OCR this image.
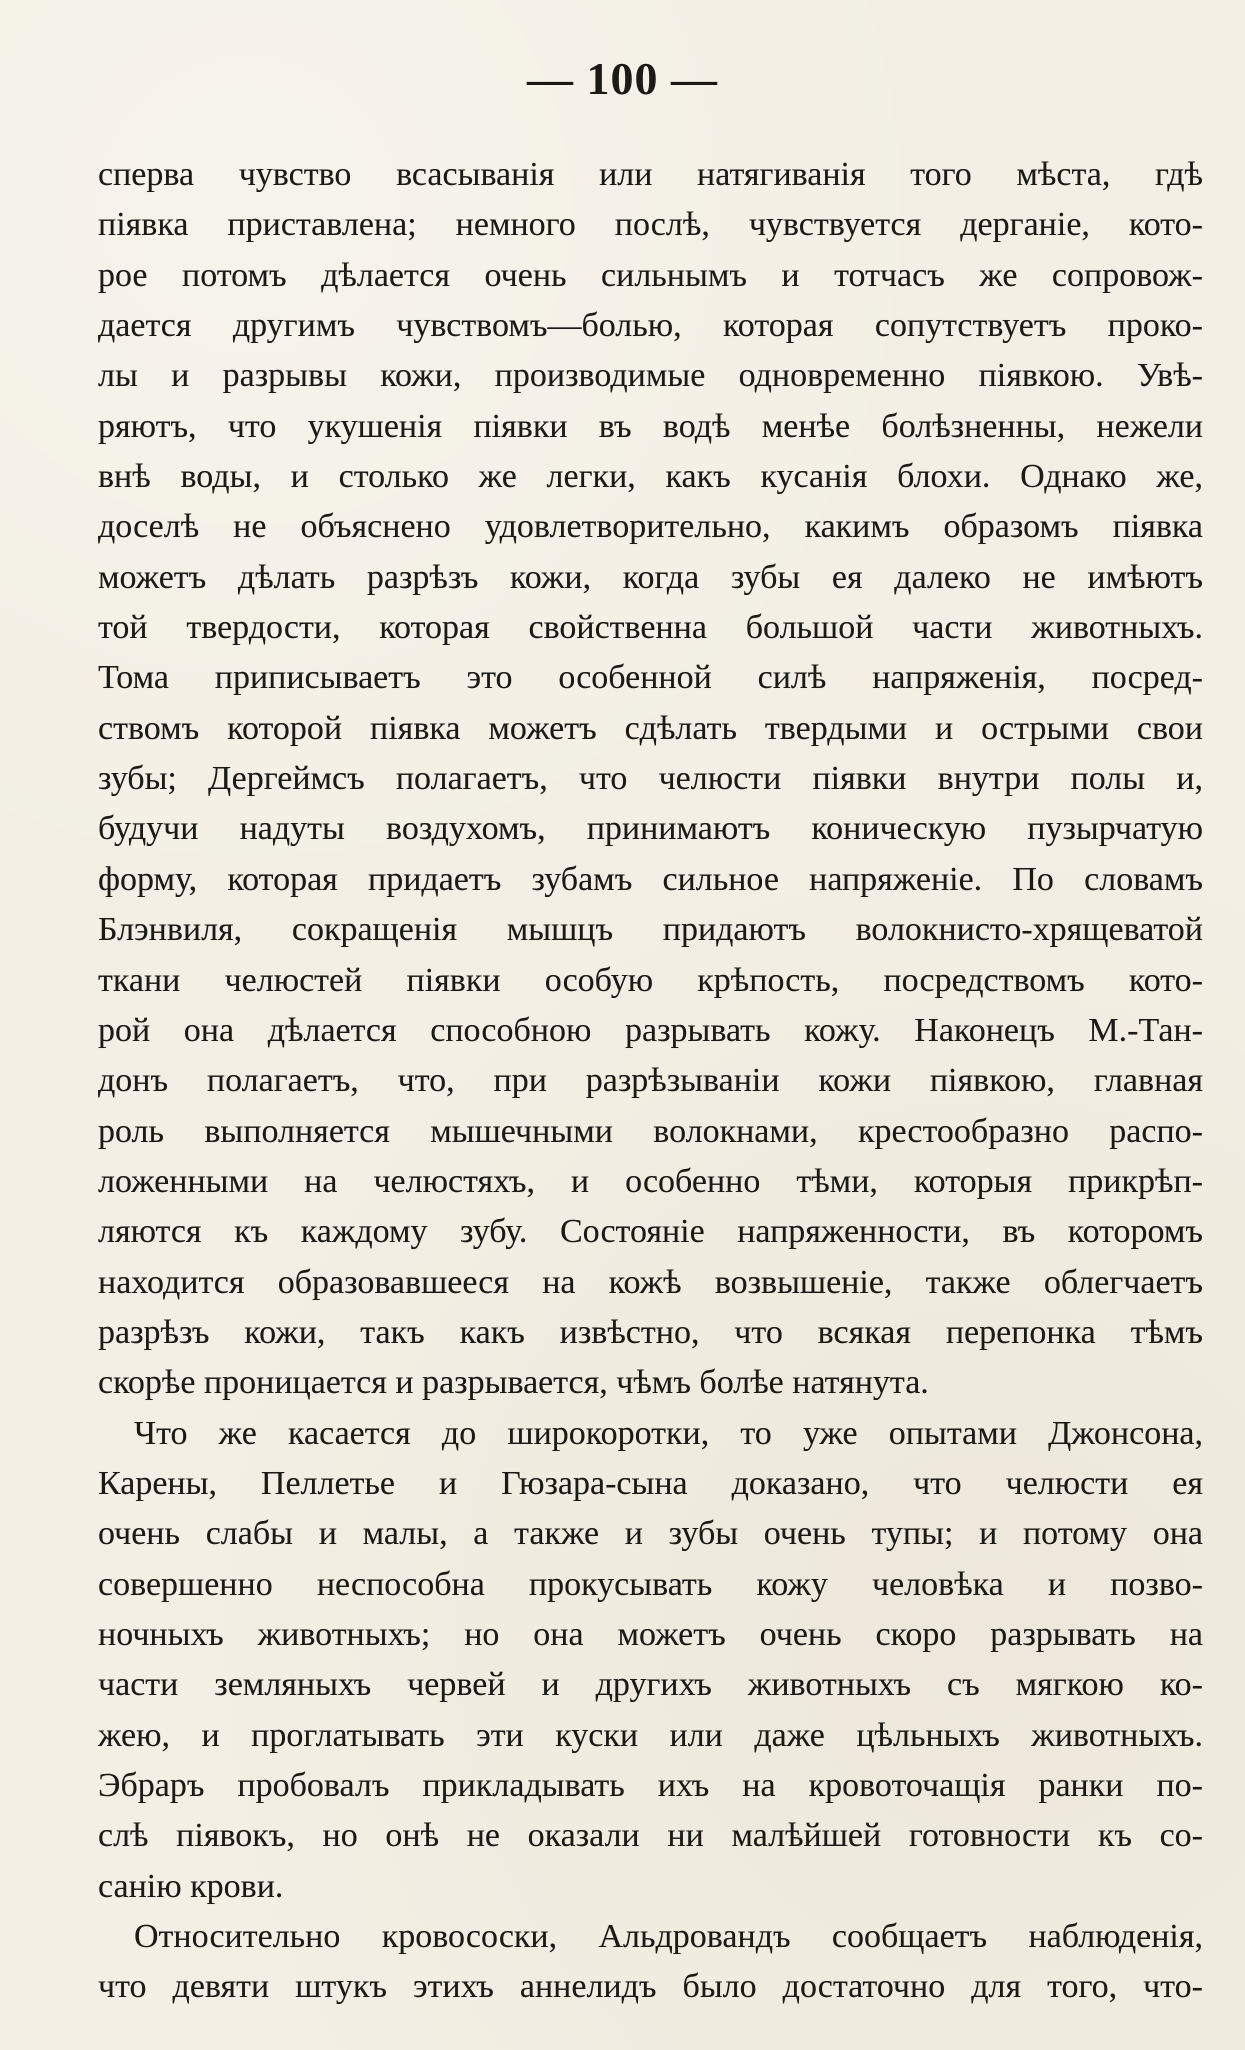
— 100 —
сперва чувство всасыванія или натягиванія того мѣста, гдѣ
піявка приставлена; немного послѣ, чувствуется дерганіе, кото-
рое потомъ дѣлается очень сильнымъ и тотчасъ же сопровож-
дается другимъ чувствомъ—болью, которая сопутствуетъ проко-
лы и разрывы кожи, производимые одновременно піявкою. Увѣ-
ряютъ, что укушенія піявки въ водѣ менѣе болѣзненны, нежели
внѣ воды, и столько же легки, какъ кусанія блохи. Однако же,
доселѣ не объяснено удовлетворительно, какимъ образомъ піявка
можетъ дѣлать разрѣзъ кожи, когда зубы ея далеко не имѣютъ
той твердости, которая свойственна большой части животныхъ.
Тома приписываетъ это особенной силѣ напряженія, посред-
ствомъ которой піявка можетъ сдѣлать твердыми и острыми свои
зубы; Дергеймсъ полагаетъ, что челюсти піявки внутри полы и,
будучи надуты воздухомъ, принимаютъ коническую пузырчатую
форму, которая придаетъ зубамъ сильное напряженіе. По словамъ
Блэнвиля, сокращенія мышцъ придаютъ волокнисто-хрящеватой
ткани челюстей піявки особую крѣпость, посредствомъ кото-
рой она дѣлается способною разрывать кожу. Наконецъ М.-Тан-
донъ полагаетъ, что, при разрѣзываніи кожи піявкою, главная
роль выполняется мышечными волокнами, крестообразно распо-
ложенными на челюстяхъ, и особенно тѣми, которыя прикрѣп-
ляются къ каждому зубу. Состояніе напряженности, въ которомъ
находится образовавшееся на кожѣ возвышеніе, также облегчаетъ
разрѣзъ кожи, такъ какъ извѣстно, что всякая перепонка тѣмъ
скорѣе проницается и разрывается, чѣмъ болѣе натянута.
Что же касается до широкоротки, то уже опытами Джонсона,
Карены, Пеллетье и Гюзара-сына доказано, что челюсти ея
очень слабы и малы, а также и зубы очень тупы; и потому она
совершенно неспособна прокусывать кожу человѣка и позво-
ночныхъ животныхъ; но она можетъ очень скоро разрывать на
части земляныхъ червей и другихъ животныхъ съ мягкою ко-
жею, и проглатывать эти куски или даже цѣльныхъ животныхъ.
Эбраръ пробовалъ прикладывать ихъ на кровоточащія ранки по-
слѣ піявокъ, но онѣ не оказали ни малѣйшей готовности къ со-
санію крови.
Относительно кровососки, Альдровандъ сообщаетъ наблюденія,
что девяти штукъ этихъ аннелидъ было достаточно для того, что-
